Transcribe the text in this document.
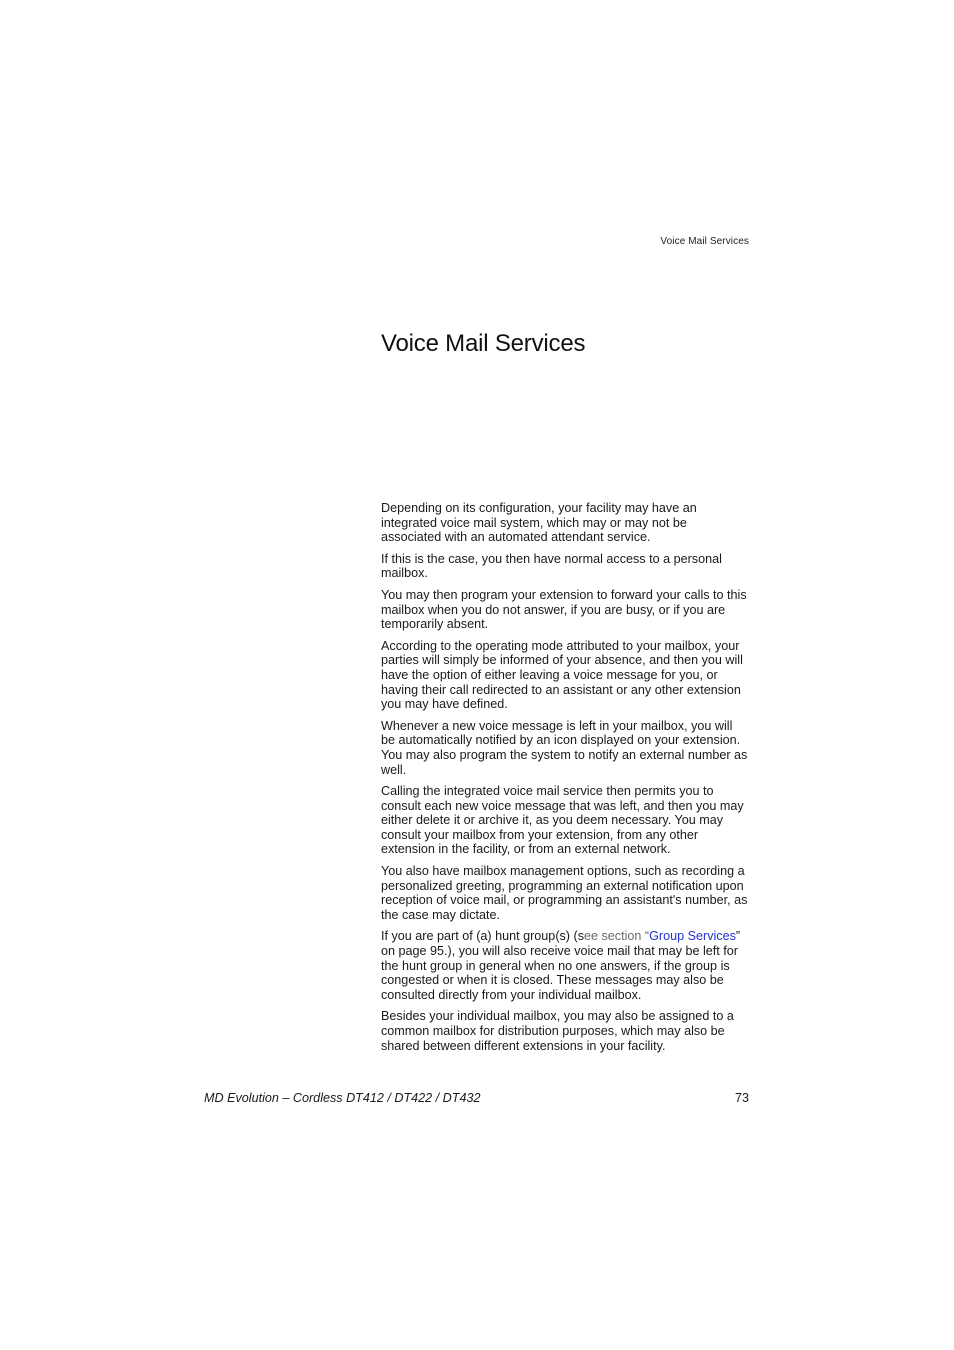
Voice Mail Services
Voice Mail Services

Depending on its configuration, your facility may have an integrated voice mail system, which may or may not be associated with an automated attendant service.

If this is the case, you then have normal access to a personal mailbox.

You may then program your extension to forward your calls to this mailbox when you do not answer, if you are busy, or if you are temporarily absent.

According to the operating mode attributed to your mailbox, your parties will simply be informed of your absence, and then you will have the option of either leaving a voice message for you, or having their call redirected to an assistant or any other extension you may have defined.

Whenever a new voice message is left in your mailbox, you will be automatically notified by an icon displayed on your extension. You may also program the system to notify an external number as well.

Calling the integrated voice mail service then permits you to consult each new voice message that was left, and then you may either delete it or archive it, as you deem necessary. You may consult your mailbox from your extension, from any other extension in the facility, or from an external network.

You also have mailbox management options, such as recording a personalized greeting, programming an external notification upon reception of voice mail, or programming an assistant's number, as the case may dictate.

If you are part of (a) hunt group(s) (see section “Group Services” on page 95.), you will also receive voice mail that may be left for the hunt group in general when no one answers, if the group is congested or when it is closed. These messages may also be consulted directly from your individual mailbox.

Besides your individual mailbox, you may also be assigned to a common mailbox for distribution purposes, which may also be shared between different extensions in your facility.

MD Evolution – Cordless DT412 / DT422 / DT432	73
